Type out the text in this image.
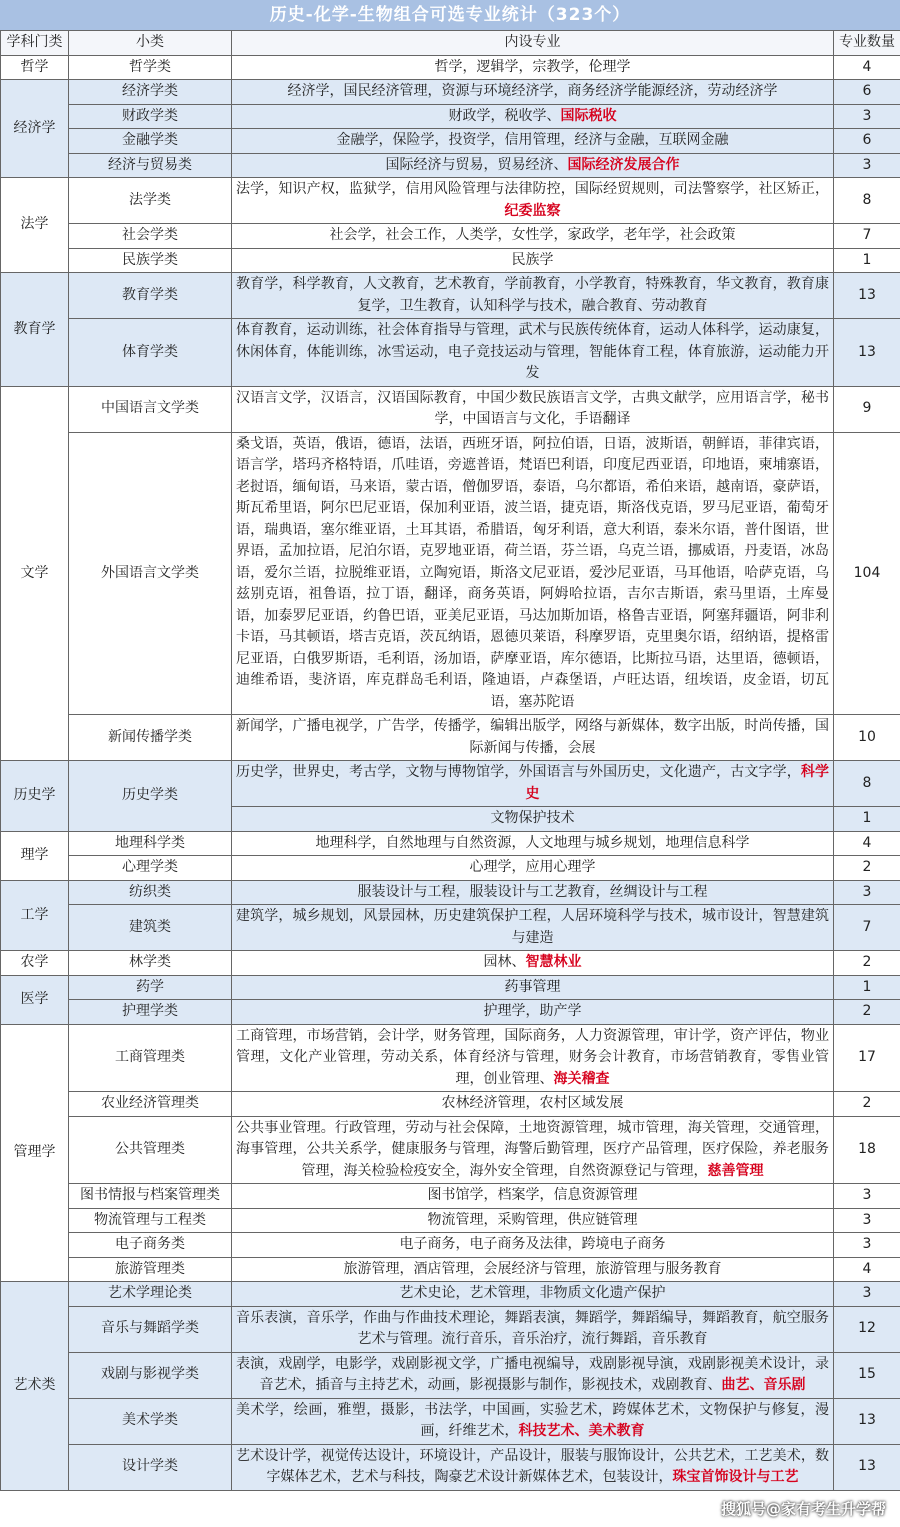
历史-化学-生物组合可选专业统计（323个）
学科门类	小类	内设专业	专业数量
哲学	哲学类	哲学，逻辑学，宗教学，伦理学	4
经济学	经济学类	经济学，国民经济管理，资源与环境经济学，商务经济学能源经济，劳动经济学	6
	财政学类	财政学，税收学、国际税收	3
	金融学类	金融学，保险学，投资学，信用管理，经济与金融，互联网金融	6
	经济与贸易类	国际经济与贸易，贸易经济、国际经济发展合作	3
法学	法学类	法学，知识产权，监狱学，信用风险管理与法律防控，国际经贸规则，司法警察学，社区矫正，纪委监察	8
	社会学类	社会学，社会工作，人类学，女性学，家政学，老年学，社会政策	7
	民族学类	民族学	1
教育学	教育学类	教育学，科学教育，人文教育，艺术教育，学前教育，小学教育，特殊教育，华文教育，教育康复学，卫生教育，认知科学与技术，融合教育、劳动教育	13
	体育学类	体育教育，运动训练，社会体育指导与管理，武术与民族传统体育，运动人体科学，运动康复，休闲体育，体能训练，冰雪运动，电子竞技运动与管理，智能体育工程，体育旅游，运动能力开发	13
文学	中国语言文学类	汉语言文学，汉语言，汉语国际教育，中国少数民族语言文学，古典文献学，应用语言学，秘书学，中国语言与文化，手语翻译	9
	外国语言文学类	桑戈语，英语，俄语，德语，法语，西班牙语，阿拉伯语，日语，波斯语，朝鲜语，菲律宾语，语言学，塔玛齐格特语，爪哇语，旁遮普语，梵语巴利语，印度尼西亚语，印地语，柬埔寨语，老挝语，缅甸语，马来语，蒙古语，僧伽罗语，泰语，乌尔都语，希伯来语，越南语，豪萨语，斯瓦希里语，阿尔巴尼亚语，保加利亚语，波兰语，捷克语，斯洛伐克语，罗马尼亚语，葡萄牙语，瑞典语，塞尔维亚语，土耳其语，希腊语，匈牙利语，意大利语，泰米尔语，普什图语，世界语，孟加拉语，尼泊尔语，克罗地亚语，荷兰语，芬兰语，乌克兰语，挪威语，丹麦语，冰岛语，爱尔兰语，拉脱维亚语，立陶宛语，斯洛文尼亚语，爱沙尼亚语，马耳他语，哈萨克语，乌兹别克语，祖鲁语，拉丁语，翻译，商务英语，阿姆哈拉语，吉尔吉斯语，索马里语，土库曼语，加泰罗尼亚语，约鲁巴语，亚美尼亚语，马达加斯加语，格鲁吉亚语，阿塞拜疆语，阿非利卡语，马其顿语，塔吉克语，茨瓦纳语，恩德贝莱语，科摩罗语，克里奥尔语，绍纳语，提格雷尼亚语，白俄罗斯语，毛利语，汤加语，萨摩亚语，库尔德语，比斯拉马语，达里语，德顿语，迪维希语，斐济语，库克群岛毛利语，隆迪语，卢森堡语，卢旺达语，纽埃语，皮金语，切瓦语，塞苏陀语	104
	新闻传播学类	新闻学，广播电视学，广告学，传播学，编辑出版学，网络与新媒体，数字出版，时尚传播，国际新闻与传播，会展	10
历史学	历史学类	历史学，世界史，考古学，文物与博物馆学，外国语言与外国历史，文化遗产，古文字学，科学史	8
		文物保护技术	1
理学	地理科学类	地理科学，自然地理与自然资源，人文地理与城乡规划，地理信息科学	4
	心理学类	心理学，应用心理学	2
工学	纺织类	服装设计与工程，服装设计与工艺教育，丝绸设计与工程	3
	建筑类	建筑学，城乡规划，风景园林，历史建筑保护工程，人居环境科学与技术，城市设计，智慧建筑与建造	7
农学	林学类	园林、智慧林业	2
医学	药学	药事管理	1
	护理学类	护理学，助产学	2
管理学	工商管理类	工商管理，市场营销，会计学，财务管理，国际商务，人力资源管理，审计学，资产评估，物业管理，文化产业管理，劳动关系，体育经济与管理，财务会计教育，市场营销教育，零售业管理，创业管理、海关稽查	17
	农业经济管理类	农林经济管理，农村区域发展	2
	公共管理类	公共事业管理。行政管理，劳动与社会保障，土地资源管理，城市管理，海关管理，交通管理，海事管理，公共关系学，健康服务与管理，海警后勤管理，医疗产品管理，医疗保险，养老服务管理，海关检验检疫安全，海外安全管理，自然资源登记与管理，慈善管理	18
	图书情报与档案管理类	图书馆学，档案学，信息资源管理	3
	物流管理与工程类	物流管理，采购管理，供应链管理	3
	电子商务类	电子商务，电子商务及法律，跨境电子商务	3
	旅游管理类	旅游管理，酒店管理，会展经济与管理，旅游管理与服务教育	4
艺术类	艺术学理论类	艺术史论，艺术管理，非物质文化遗产保护	3
	音乐与舞蹈学类	音乐表演，音乐学，作曲与作曲技术理论，舞蹈表演，舞蹈学，舞蹈编导，舞蹈教育，航空服务艺术与管理。流行音乐，音乐治疗，流行舞蹈，音乐教育	12
	戏剧与影视学类	表演，戏剧学，电影学，戏剧影视文学，广播电视编导，戏剧影视导演，戏剧影视美术设计，录音艺术，插音与主持艺术，动画，影视摄影与制作，影视技术，戏剧教育、曲艺、音乐剧	15
	美术学类	美术学，绘画，雅塑，摄影，书法学，中国画，实验艺术，跨媒体艺术，文物保护与修复，漫画，纤维艺术，科技艺术、美术教育	13
	设计学类	艺术设计学，视觉传达设计，环境设计，产品设计，服装与服饰设计，公共艺术，工艺美术，数字媒体艺术，艺术与科技，陶豪艺术设计新媒体艺术，包装设计，珠宝首饰设计与工艺	13
搜狐号@家有考生升学帮
